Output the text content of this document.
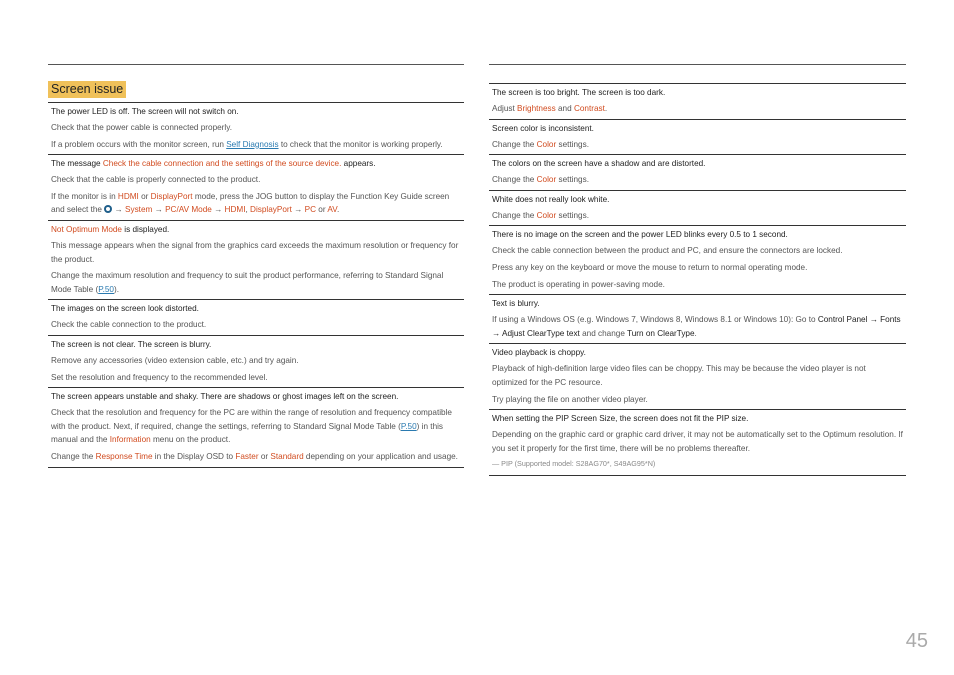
Screen issue
The power LED is off. The screen will not switch on.
Check that the power cable is connected properly.
If a problem occurs with the monitor screen, run Self Diagnosis to check that the monitor is working properly.
The message Check the cable connection and the settings of the source device. appears.
Check that the cable is properly connected to the product.
If the monitor is in HDMI or DisplayPort mode, press the JOG button to display the Function Key Guide screen and select the  → System → PC/AV Mode → HDMI, DisplayPort → PC or AV.
Not Optimum Mode is displayed.
This message appears when the signal from the graphics card exceeds the maximum resolution or frequency for the product.
Change the maximum resolution and frequency to suit the product performance, referring to Standard Signal Mode Table (P.50).
The images on the screen look distorted.
Check the cable connection to the product.
The screen is not clear. The screen is blurry.
Remove any accessories (video extension cable, etc.) and try again.
Set the resolution and frequency to the recommended level.
The screen appears unstable and shaky. There are shadows or ghost images left on the screen.
Check that the resolution and frequency for the PC are within the range of resolution and frequency compatible with the product. Next, if required, change the settings, referring to Standard Signal Mode Table (P.50) in this manual and the Information menu on the product.
Change the Response Time in the Display OSD to Faster or Standard depending on your application and usage.
The screen is too bright. The screen is too dark.
Adjust Brightness and Contrast.
Screen color is inconsistent.
Change the Color settings.
The colors on the screen have a shadow and are distorted.
Change the Color settings.
White does not really look white.
Change the Color settings.
There is no image on the screen and the power LED blinks every 0.5 to 1 second.
Check the cable connection between the product and PC, and ensure the connectors are locked.
Press any key on the keyboard or move the mouse to return to normal operating mode.
The product is operating in power-saving mode.
Text is blurry.
If using a Windows OS (e.g. Windows 7, Windows 8, Windows 8.1 or Windows 10): Go to Control Panel → Fonts → Adjust ClearType text and change Turn on ClearType.
Video playback is choppy.
Playback of high-definition large video files can be choppy. This may be because the video player is not optimized for the PC resource.
Try playing the file on another video player.
When setting the PIP Screen Size, the screen does not fit the PIP size.
Depending on the graphic card or graphic card driver, it may not be automatically set to the Optimum resolution. If you set it properly for the first time, there will be no problems thereafter.
― PIP (Supported model: S28AG70*, S49AG95*N)
45
